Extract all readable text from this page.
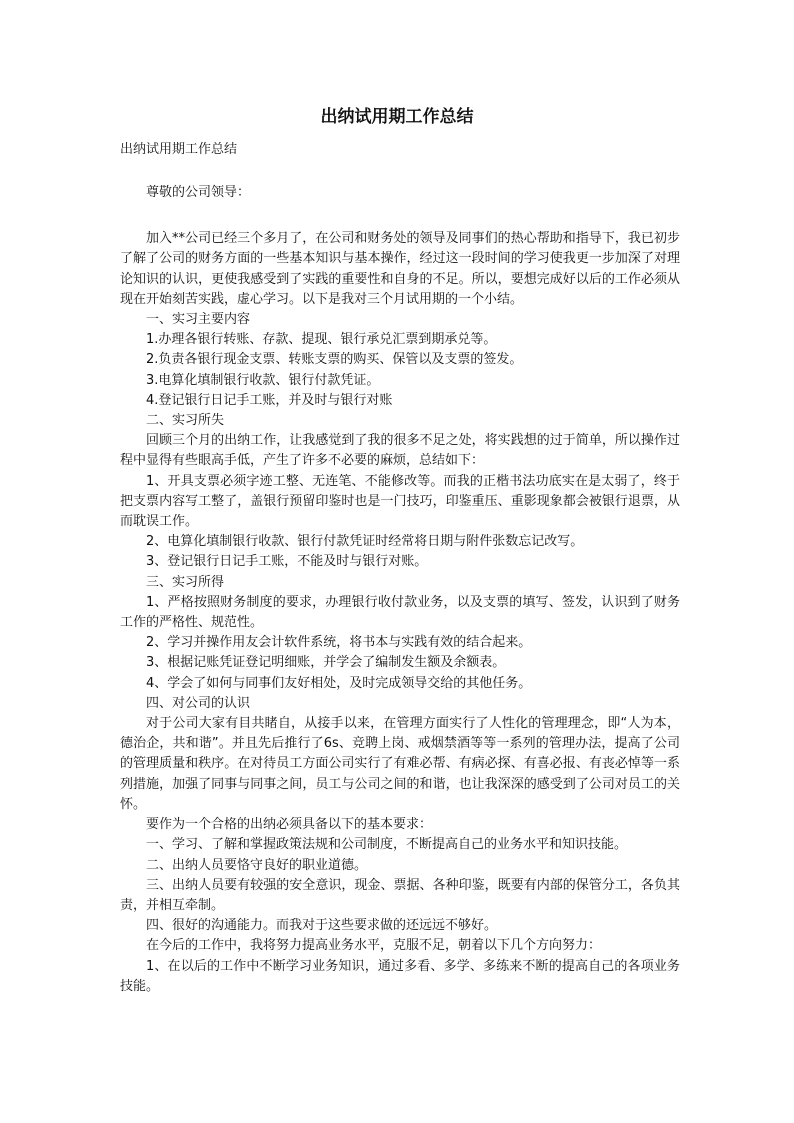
出纳试用期工作总结

出纳试用期工作总结

尊敬的公司领导：

加入**公司已经三个多月了，在公司和财务处的领导及同事们的热心帮助和指导下，我已初步了解了公司的财务方面的一些基本知识与基本操作，经过这一段时间的学习使我更一步加深了对理论知识的认识，更使我感受到了实践的重要性和自身的不足。所以，要想完成好以后的工作必须从现在开始刻苦实践，虚心学习。以下是我对三个月试用期的一个小结。

一、实习主要内容

1.办理各银行转账、存款、提现、银行承兑汇票到期承兑等。

2.负责各银行现金支票、转账支票的购买、保管以及支票的签发。

3.电算化填制银行收款、银行付款凭证。

4.登记银行日记手工账，并及时与银行对账

二、实习所失

回顾三个月的出纳工作，让我感觉到了我的很多不足之处，将实践想的过于简单，所以操作过程中显得有些眼高手低，产生了许多不必要的麻烦，总结如下：

1、开具支票必须字迹工整、无连笔、不能修改等。而我的正楷书法功底实在是太弱了，终于把支票内容写工整了，盖银行预留印鉴时也是一门技巧，印鉴重压、重影现象都会被银行退票，从而耽误工作。

2、电算化填制银行收款、银行付款凭证时经常将日期与附件张数忘记改写。

3、登记银行日记手工账，不能及时与银行对账。

三、实习所得

1、严格按照财务制度的要求，办理银行收付款业务，以及支票的填写、签发，认识到了财务工作的严格性、规范性。

2、学习并操作用友会计软件系统，将书本与实践有效的结合起来。

3、根据记账凭证登记明细账，并学会了编制发生额及余额表。

4、学会了如何与同事们友好相处，及时完成领导交给的其他任务。

四、对公司的认识

对于公司大家有目共睹自，从接手以来，在管理方面实行了人性化的管理理念，即“人为本，德治企，共和谐”。并且先后推行了6s、竞聘上岗、戒烟禁酒等等一系列的管理办法，提高了公司的管理质量和秩序。在对待员工方面公司实行了有难必帮、有病必探、有喜必报、有丧必悼等一系列措施，加强了同事与同事之间，员工与公司之间的和谐，也让我深深的感受到了公司对员工的关怀。

要作为一个合格的出纳必须具备以下的基本要求：

一、学习、了解和掌握政策法规和公司制度，不断提高自己的业务水平和知识技能。

二、出纳人员要恪守良好的职业道德。

三、出纳人员要有较强的安全意识，现金、票据、各种印鉴，既要有内部的保管分工，各负其责，并相互牵制。

四、很好的沟通能力。而我对于这些要求做的还远远不够好。

在今后的工作中，我将努力提高业务水平，克服不足，朝着以下几个方向努力：

1、在以后的工作中不断学习业务知识，通过多看、多学、多练来不断的提高自己的各项业务技能。
